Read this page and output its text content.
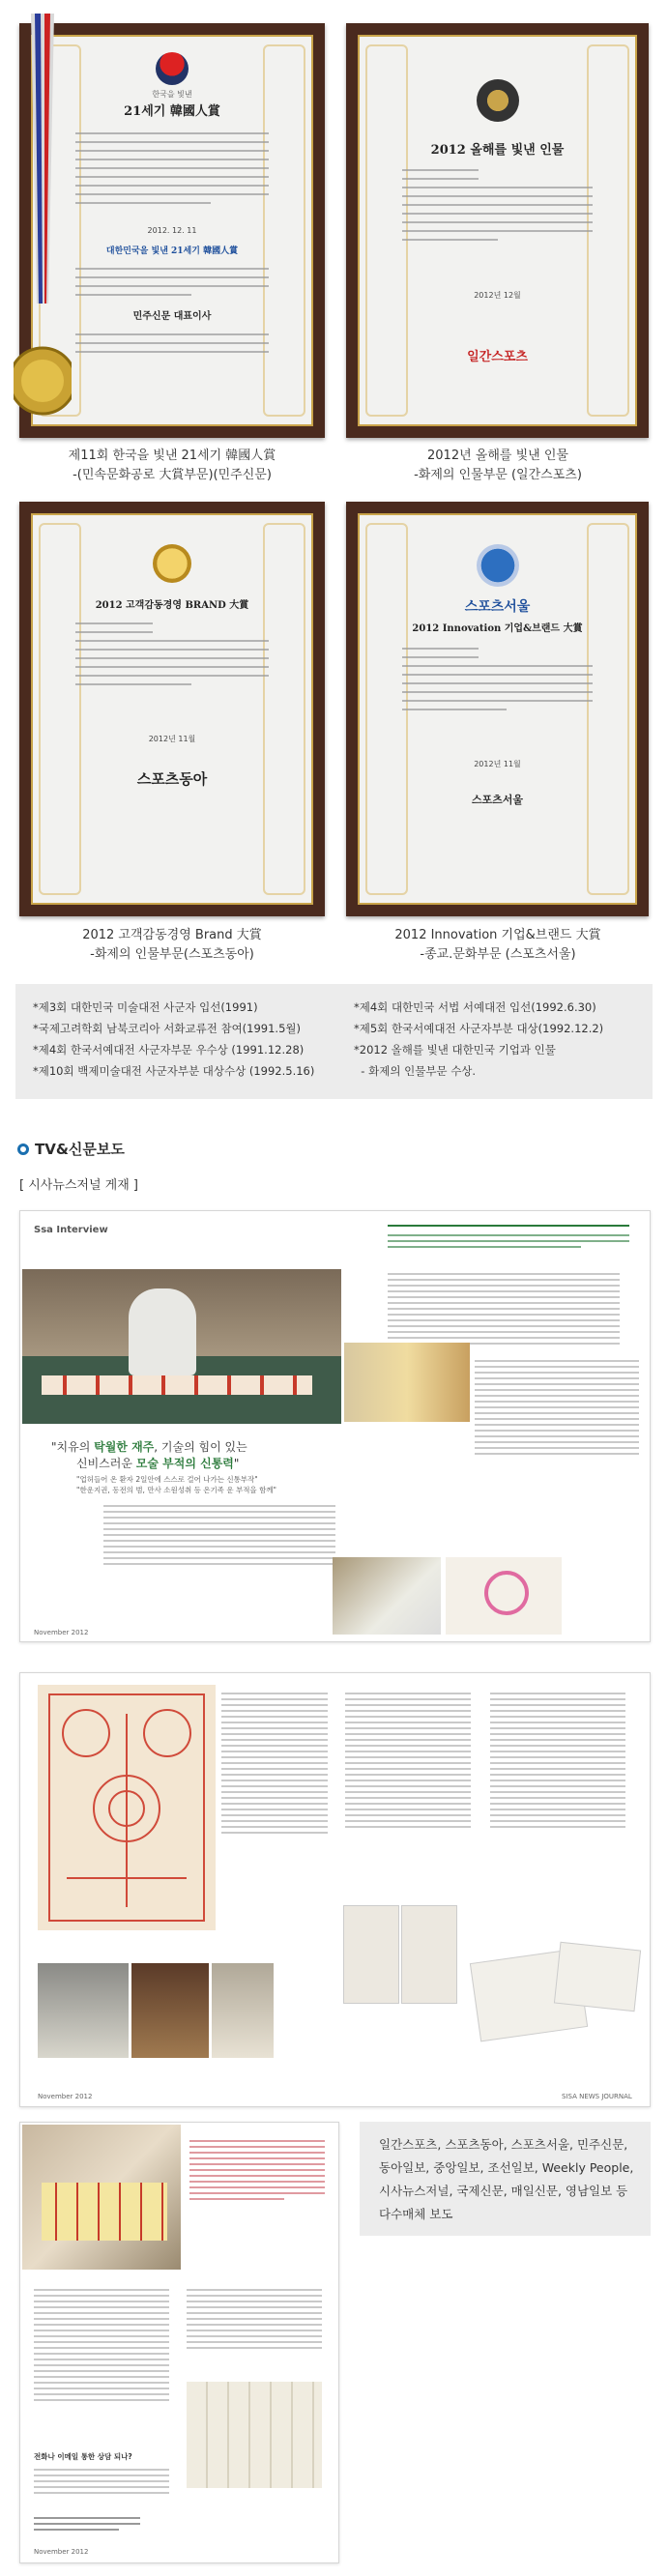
한국을 빛낸
21세기 韓國人賞
2012. 12. 11
대한민국을 빛낸 21세기 韓國人賞
민주신문 대표이사
2012 올해를 빛낸 인물
2012년 12월
일간스포츠
제11회 한국을 빛낸 21세기 韓國人賞
-(민속문화공로 大賞부문)(민주신문)
2012년 올해를 빛낸 인물
-화제의 인물부문 (일간스포츠)
2012 고객감동경영 BRAND 大賞
2012년 11월
스포츠동아
스포츠서울
2012 Innovation 기업&브랜드 大賞
2012년 11월
스포츠서울
2012 고객감동경영 Brand 大賞
-화제의 인물부문(스포츠동아)
2012 Innovation 기업&브랜드 大賞
-종교.문화부문 (스포츠서울)
*제3회 대한민국 미술대전 사군자 입선(1991)
*국제고려학회 남북코리아 서화교류전 참여(1991.5월)
*제4회 한국서예대전 사군자부문 우수상 (1991.12.28)
*제10회 백제미술대전 사군자부분 대상수상 (1992.5.16)
*제4회 대한민국 서법 서예대전 입선(1992.6.30)
*제5회 한국서예대전 사군자부분 대상(1992.12.2)
*2012 올해를 빛낸 대한민국 기업과 인물
- 화제의 인물부문 수상.
TV&신문보도
[ 시사뉴스저널 게재 ]
Ssa Interview
"치유의 탁월한 재주, 기술의 힘이 있는
신비스러운 모술 부적의 신통력"
"업허들어 온 환자 2일안에 스스로 걸어 나가는 신통부작"
"한운지권, 동전의 범, 만사 소원성취 등 온기족 운 부적을 함께"
November 2012
November 2012	SISA NEWS JOURNAL
전화나 이메일 통한 상담 되나?
November 2012
일간스포츠, 스포츠동아, 스포츠서울, 민주신문,
동아일보, 중앙일보, 조선일보, Weekly People,
시사뉴스저널, 국제신문, 매일신문, 영남일보 등
다수매체 보도
